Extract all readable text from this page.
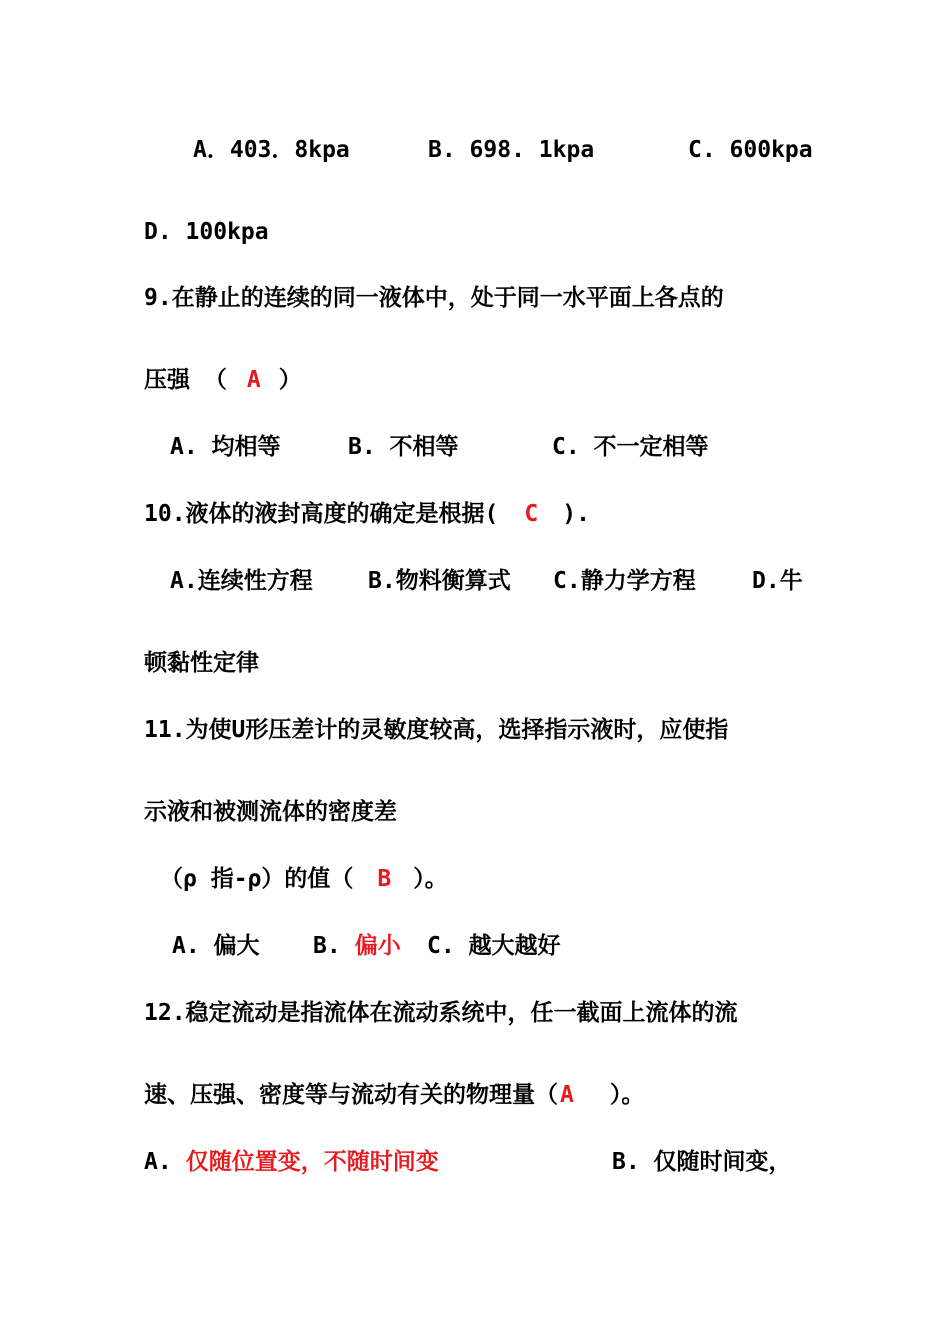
A．403．8kpa	B. 698. 1kpa	C. 600kpa
D. 100kpa
9.在静止的连续的同一液体中，处于同一水平面上各点的
压强 （ A ）
A. 均相等	B. 不相等	C. 不一定相等
10.液体的液封高度的确定是根据( C ).
A.连续性方程 B.物料衡算式 C.静力学方程 D.牛
顿黏性定律
11.为使U形压差计的灵敏度较高，选择指示液时，应使指
示液和被测流体的密度差
（ρ 指-ρ）的值（ B ）。
A. 偏大 B. 偏小 C. 越大越好
12.稳定流动是指流体在流动系统中，任一截面上流体的流
速、压强、密度等与流动有关的物理量（A ）。
A. 仅随位置变，不随时间变	B. 仅随时间变，
